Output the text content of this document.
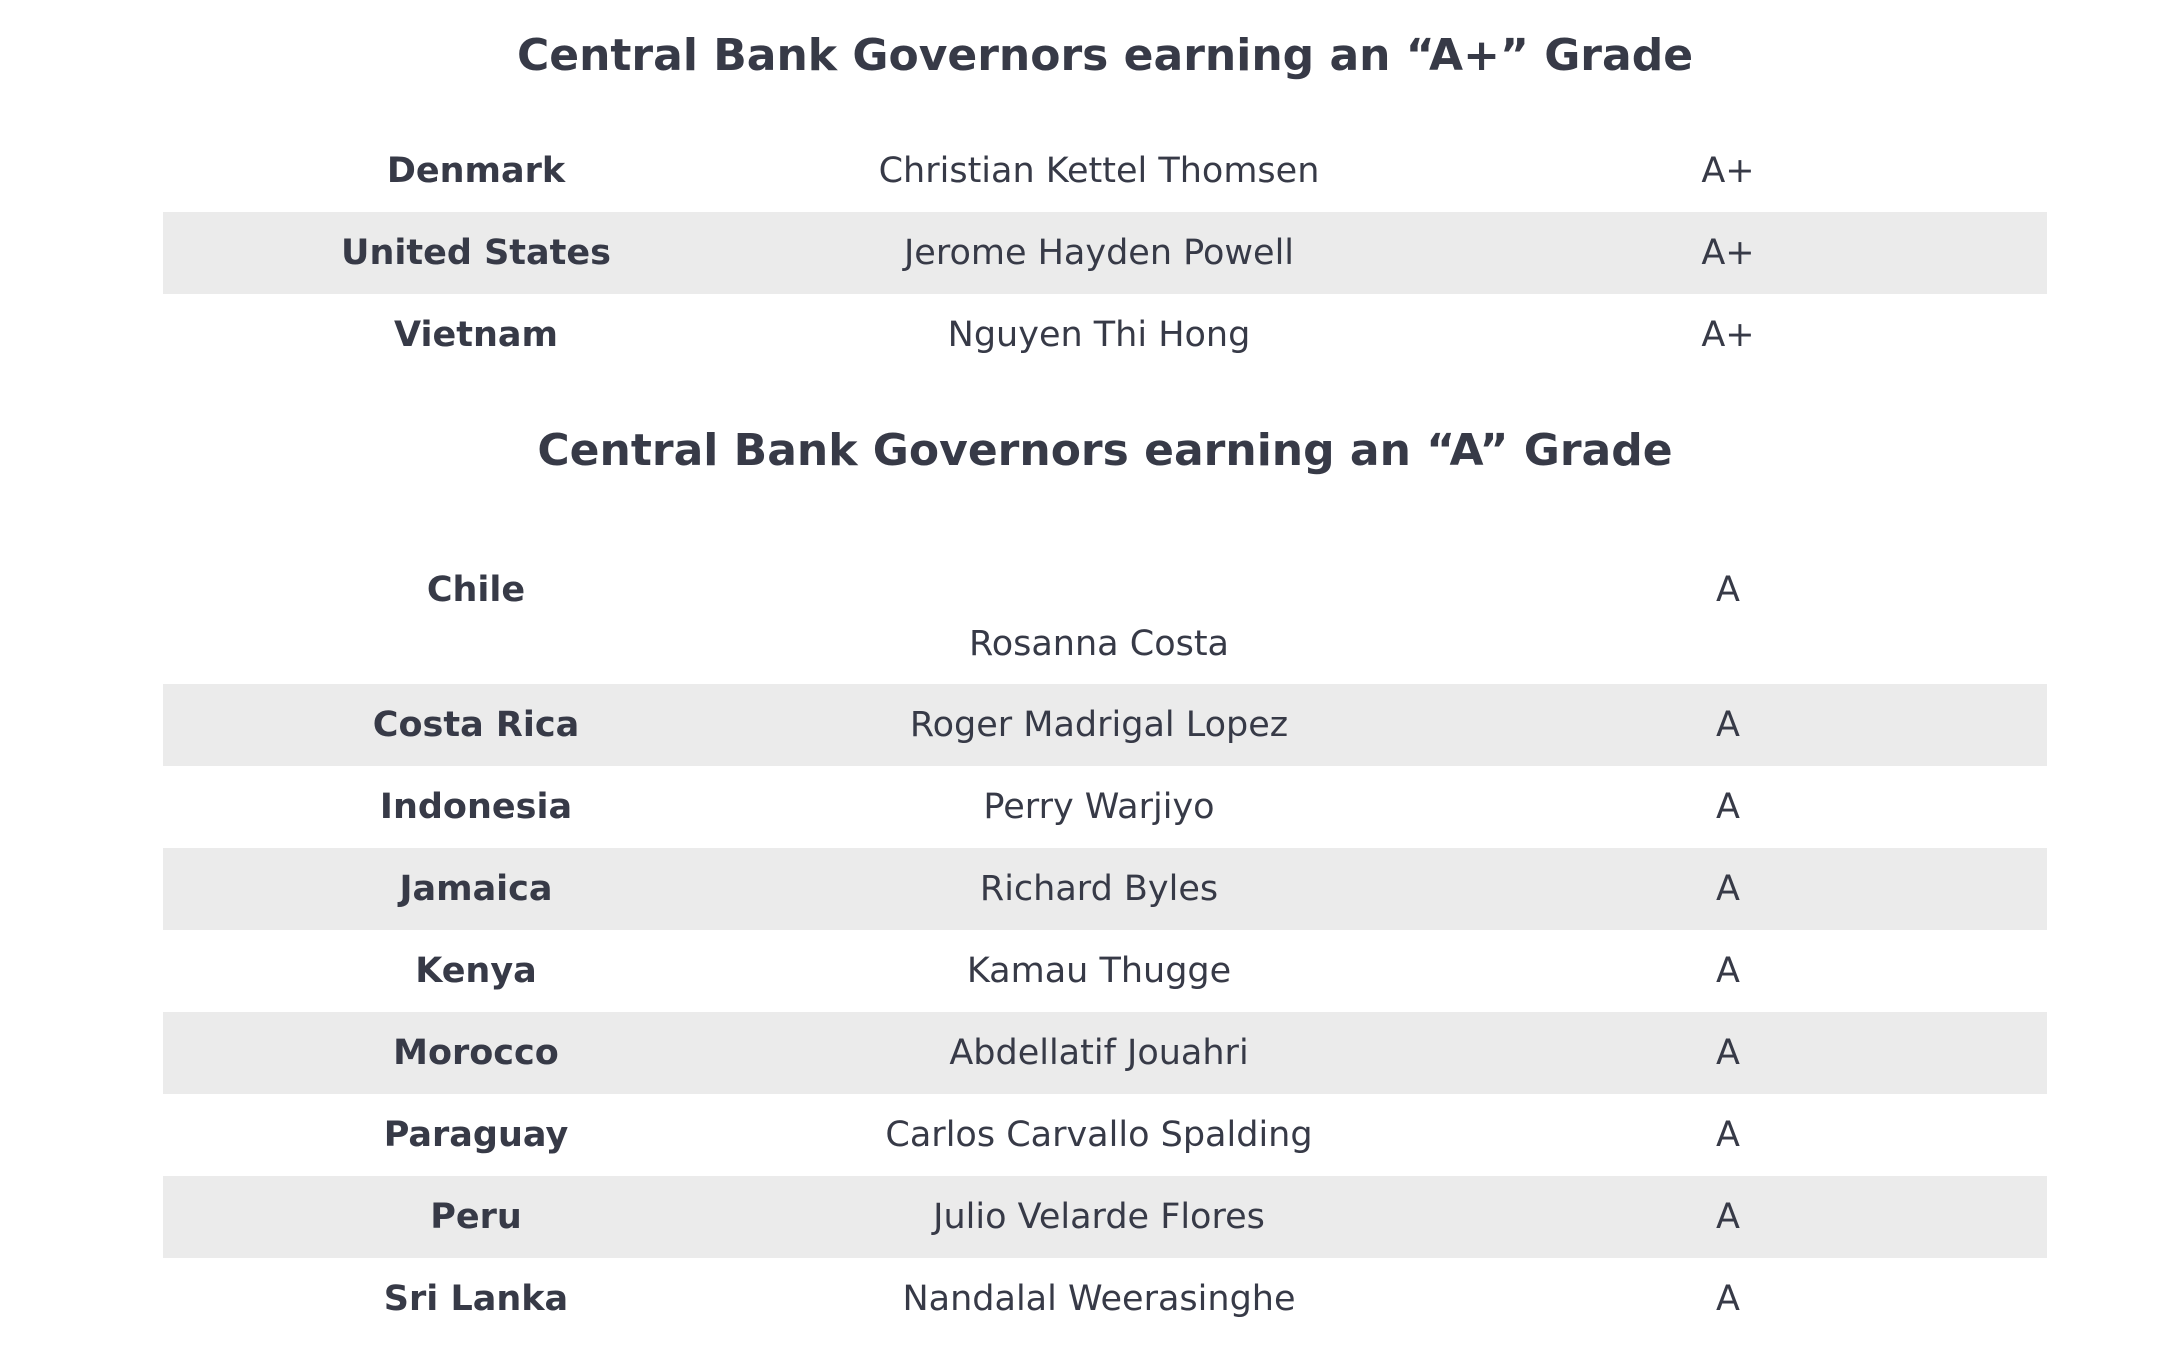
Central Bank Governors earning an “A+” Grade
Denmark	Christian Kettel Thomsen	A+
United States	Jerome Hayden Powell	A+
Vietnam	Nguyen Thi Hong	A+
Central Bank Governors earning an “A” Grade
Chile	Rosanna Costa	A
Costa Rica	Roger Madrigal Lopez	A
Indonesia	Perry Warjiyo	A
Jamaica	Richard Byles	A
Kenya	Kamau Thugge	A
Morocco	Abdellatif Jouahri	A
Paraguay	Carlos Carvallo Spalding	A
Peru	Julio Velarde Flores	A
Sri Lanka	Nandalal Weerasinghe	A
